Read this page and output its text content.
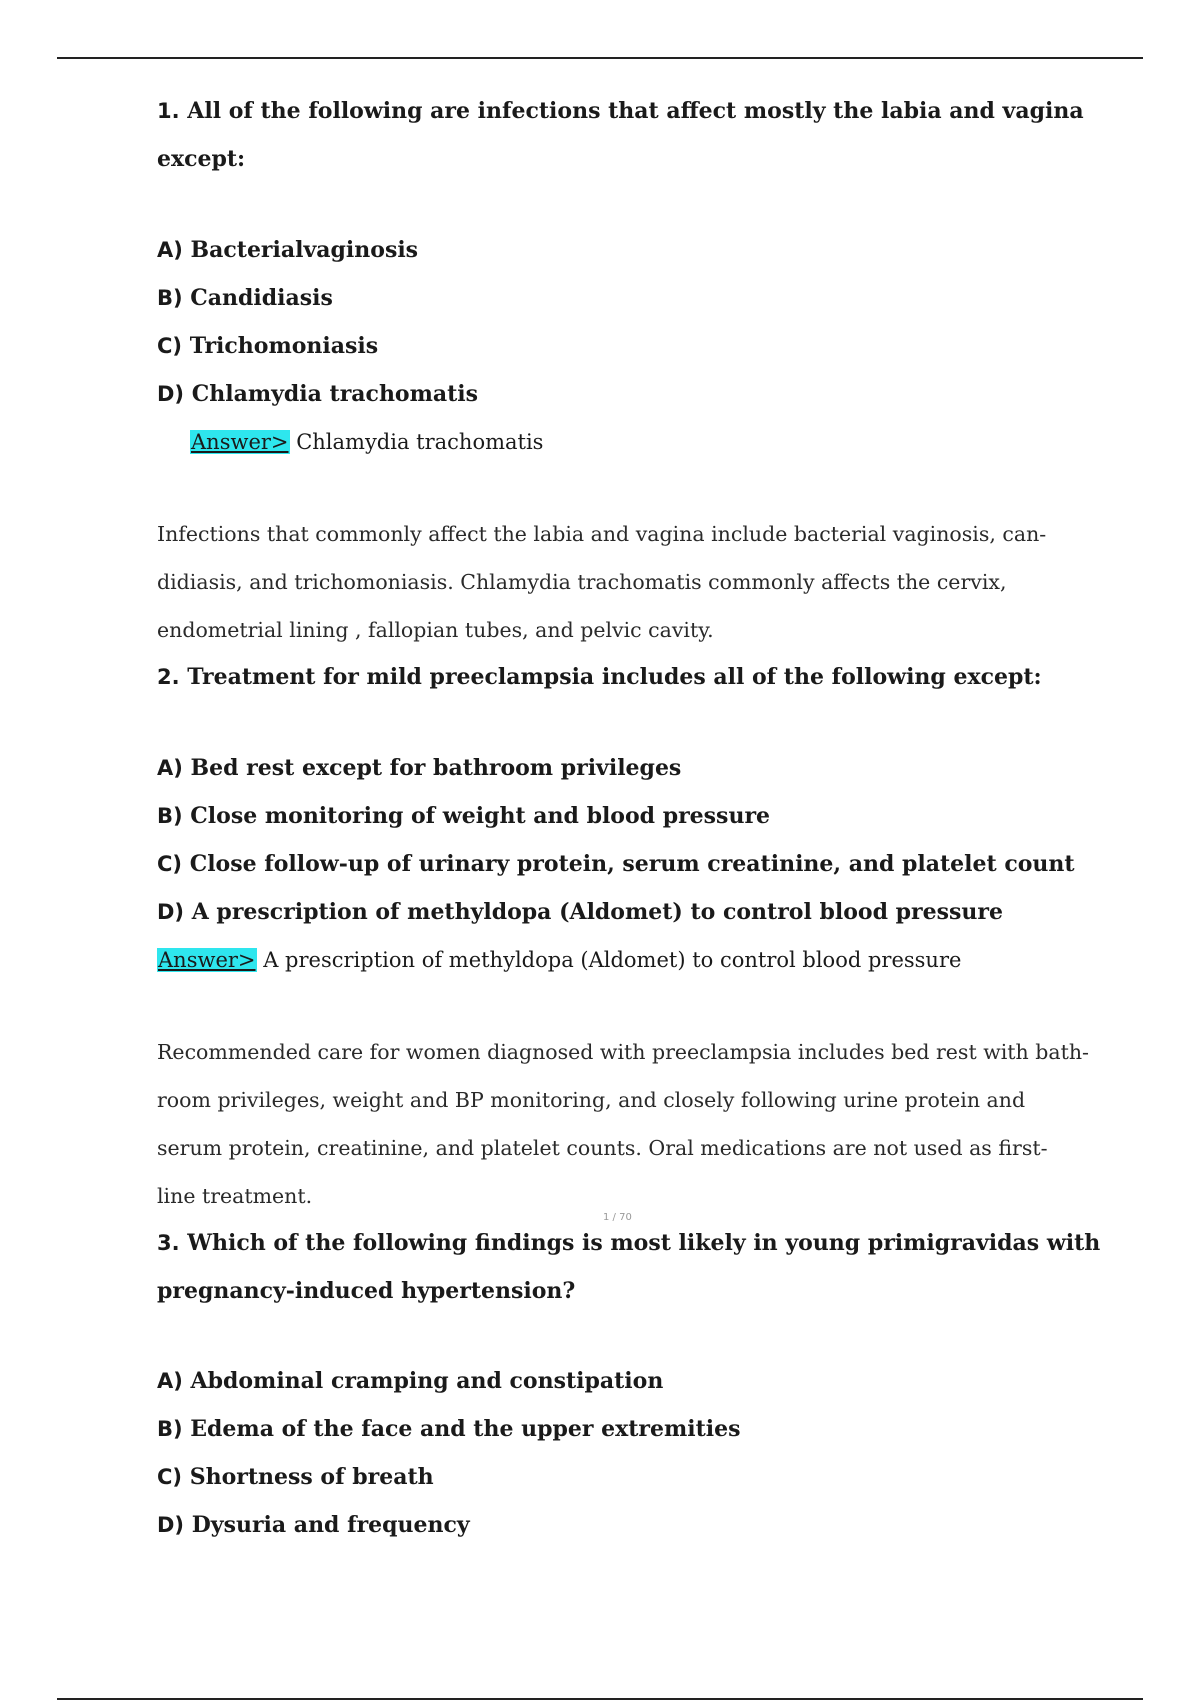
1. All of the following are infections that affect mostly the labia and vagina
except:
A) Bacterialvaginosis
B) Candidiasis
C) Trichomoniasis
D) Chlamydia trachomatis
Answer> Chlamydia trachomatis
Infections that commonly affect the labia and vagina include bacterial vaginosis, can-
didiasis, and trichomoniasis. Chlamydia trachomatis commonly affects the cervix,
endometrial lining , fallopian tubes, and pelvic cavity.
2. Treatment for mild preeclampsia includes all of the following except:
A) Bed rest except for bathroom privileges
B) Close monitoring of weight and blood pressure
C) Close follow-up of urinary protein, serum creatinine, and platelet count
D) A prescription of methyldopa (Aldomet) to control blood pressure
Answer> A prescription of methyldopa (Aldomet) to control blood pressure
Recommended care for women diagnosed with preeclampsia includes bed rest with bath-
room privileges, weight and BP monitoring, and closely following urine protein and
serum protein, creatinine, and platelet counts. Oral medications are not used as first-
line treatment.
1 / 70
3. Which of the following findings is most likely in young primigravidas with
pregnancy-induced hypertension?
A) Abdominal cramping and constipation
B) Edema of the face and the upper extremities
C) Shortness of breath
D) Dysuria and frequency
